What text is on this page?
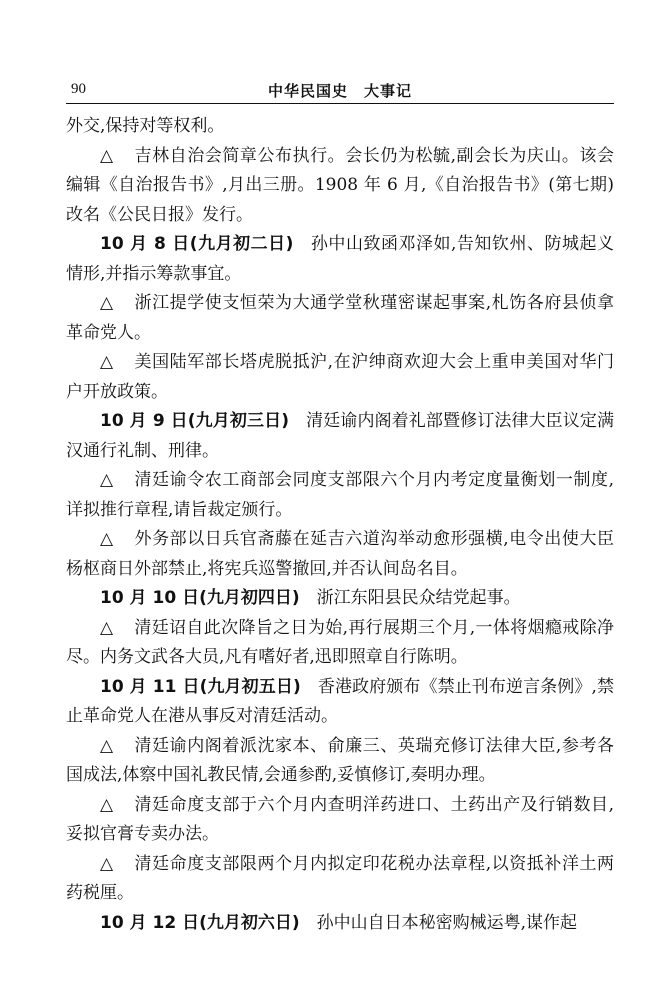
90	中华民国史　大事记

外交,保持对等权利。

△ 吉林自治会简章公布执行。会长仍为松毓,副会长为庆山。该会编辑《自治报告书》,月出三册。1908 年 6 月,《自治报告书》(第七期)改名《公民日报》发行。

10 月 8 日(九月初二日) 孙中山致函邓泽如,告知钦州、防城起义情形,并指示筹款事宜。

△ 浙江提学使支恒荣为大通学堂秋瑾密谋起事案,札饬各府县侦拿革命党人。

△ 美国陆军部长塔虎脱抵沪,在沪绅商欢迎大会上重申美国对华门户开放政策。

10 月 9 日(九月初三日) 清廷谕内阁着礼部暨修订法律大臣议定满汉通行礼制、刑律。

△ 清廷谕令农工商部会同度支部限六个月内考定度量衡划一制度,详拟推行章程,请旨裁定颁行。

△ 外务部以日兵官斋藤在延吉六道沟举动愈形强横,电令出使大臣杨枢商日外部禁止,将宪兵巡警撤回,并否认间岛名目。

10 月 10 日(九月初四日) 浙江东阳县民众结党起事。

△ 清廷诏自此次降旨之日为始,再行展期三个月,一体将烟瘾戒除净尽。内务文武各大员,凡有嗜好者,迅即照章自行陈明。

10 月 11 日(九月初五日) 香港政府颁布《禁止刊布逆言条例》,禁止革命党人在港从事反对清廷活动。

△ 清廷谕内阁着派沈家本、俞廉三、英瑞充修订法律大臣,参考各国成法,体察中国礼教民情,会通参酌,妥慎修订,奏明办理。

△ 清廷命度支部于六个月内查明洋药进口、土药出产及行销数目,妥拟官膏专卖办法。

△ 清廷命度支部限两个月内拟定印花税办法章程,以资抵补洋土两药税厘。

10 月 12 日(九月初六日) 孙中山自日本秘密购械运粤,谋作起
